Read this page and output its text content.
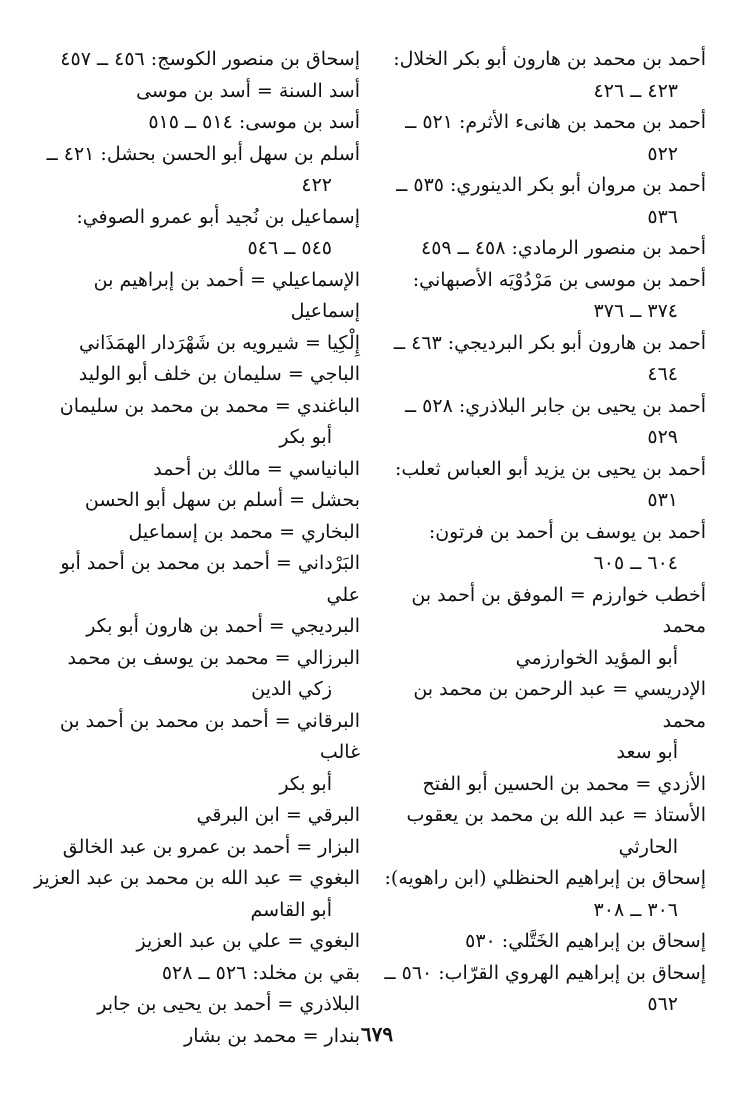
أحمد بن محمد بن هارون أبو بكر الخلال:
٤٢٣ ــ ٤٢٦

أحمد بن محمد بن هانىء الأثرم: ٥٢١ ــ
٥٢٢

أحمد بن مروان أبو بكر الدينوري: ٥٣٥ ــ
٥٣٦

أحمد بن منصور الرمادي: ٤٥٨ ــ ٤٥٩

أحمد بن موسى بن مَرْدُوْيَه الأصبهاني:
٣٧٤ ــ ٣٧٦

أحمد بن هارون أبو بكر البرديجي: ٤٦٣ ــ
٤٦٤

أحمد بن يحيى بن جابر البلاذري: ٥٢٨ ــ
٥٢٩

أحمد بن يحيى بن يزيد أبو العباس ثعلب:
٥٣١

أحمد بن يوسف بن أحمد بن فرتون:
٦٠٤ ــ ٦٠٥

أخطب خوارزم = الموفق بن أحمد بن محمد
أبو المؤيد الخوارزمي

الإدريسي = عبد الرحمن بن محمد بن محمد
أبو سعد

الأزدي = محمد بن الحسين أبو الفتح

الأستاذ = عبد الله بن محمد بن يعقوب
الحارثي

إسحاق بن إبراهيم الحنظلي (ابن راهويه):
٣٠٦ ــ ٣٠٨

إسحاق بن إبراهيم الخَتَّلي: ٥٣٠

إسحاق بن إبراهيم الهروي القرّاب: ٥٦٠ ــ
٥٦٢

إسحاق بن منصور الكوسج: ٤٥٦ ــ ٤٥٧

أسد السنة = أسد بن موسى

أسد بن موسى: ٥١٤ ــ ٥١٥

أسلم بن سهل أبو الحسن بحشل: ٤٢١ ــ
٤٢٢

إسماعيل بن نُجيد أبو عمرو الصوفي:
٥٤٥ ــ ٥٤٦

الإسماعيلي = أحمد بن إبراهيم بن إسماعيل

إِلْكِيا = شيرويه بن شَهْرَدار الهمَذَاني

الباجي = سليمان بن خلف أبو الوليد

الباغندي = محمد بن محمد بن سليمان
أبو بكر

البانياسي = مالك بن أحمد

بحشل = أسلم بن سهل أبو الحسن

البخاري = محمد بن إسماعيل

البَرْداني = أحمد بن محمد بن أحمد أبو علي

البرديجي = أحمد بن هارون أبو بكر

البرزالي = محمد بن يوسف بن محمد
زكي الدين

البرقاني = أحمد بن محمد بن أحمد بن غالب
أبو بكر

البرقي = ابن البرقي

البزار = أحمد بن عمرو بن عبد الخالق

البغوي = عبد الله بن محمد بن عبد العزيز
أبو القاسم

البغوي = علي بن عبد العزيز

بقي بن مخلد: ٥٢٦ ــ ٥٢٨

البلاذري = أحمد بن يحيى بن جابر

بندار = محمد بن بشار ٦٧٩
